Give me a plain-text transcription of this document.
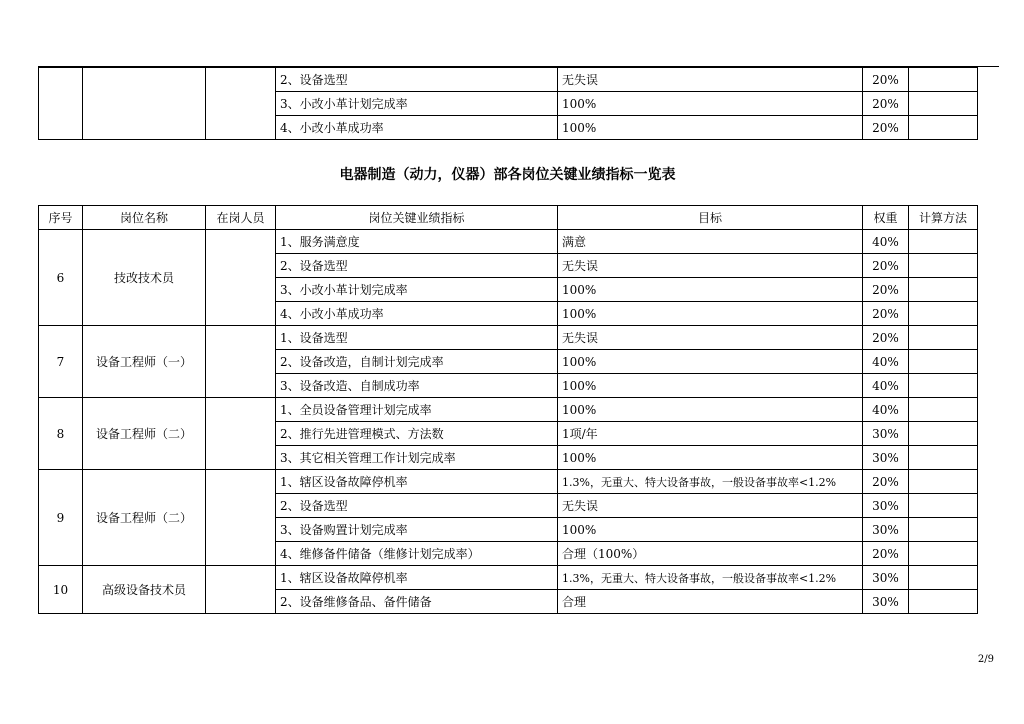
			2、设备选型	无失误	20%	
			3、小改小革计划完成率	100%	20%	
			4、小改小革成功率	100%	20%	
电器制造（动力，仪器）部各岗位关键业绩指标一览表
序号	岗位名称	在岗人员	岗位关键业绩指标	目标	权重	计算方法
6	技改技术员		1、服务满意度	满意	40%	
			2、设备选型	无失误	20%	
			3、小改小革计划完成率	100%	20%	
			4、小改小革成功率	100%	20%	
7	设备工程师（一）		1、设备选型	无失误	20%	
			2、设备改造，自制计划完成率	100%	40%	
			3、设备改造、自制成功率	100%	40%	
8	设备工程师（二）		1、全员设备管理计划完成率	100%	40%	
			2、推行先进管理模式、方法数	1项/年	30%	
			3、其它相关管理工作计划完成率	100%	30%	
9	设备工程师（二）		1、辖区设备故障停机率	1.3%，无重大、特大设备事故，一般设备事故率<1.2%	20%	
			2、设备选型	无失误	30%	
			3、设备购置计划完成率	100%	30%	
			4、维修备件储备（维修计划完成率）	合理（100%）	20%	
10	高级设备技术员		1、辖区设备故障停机率	1.3%，无重大、特大设备事故，一般设备事故率<1.2%	30%	
			2、设备维修备品、备件储备	合理	30%	
2/9
